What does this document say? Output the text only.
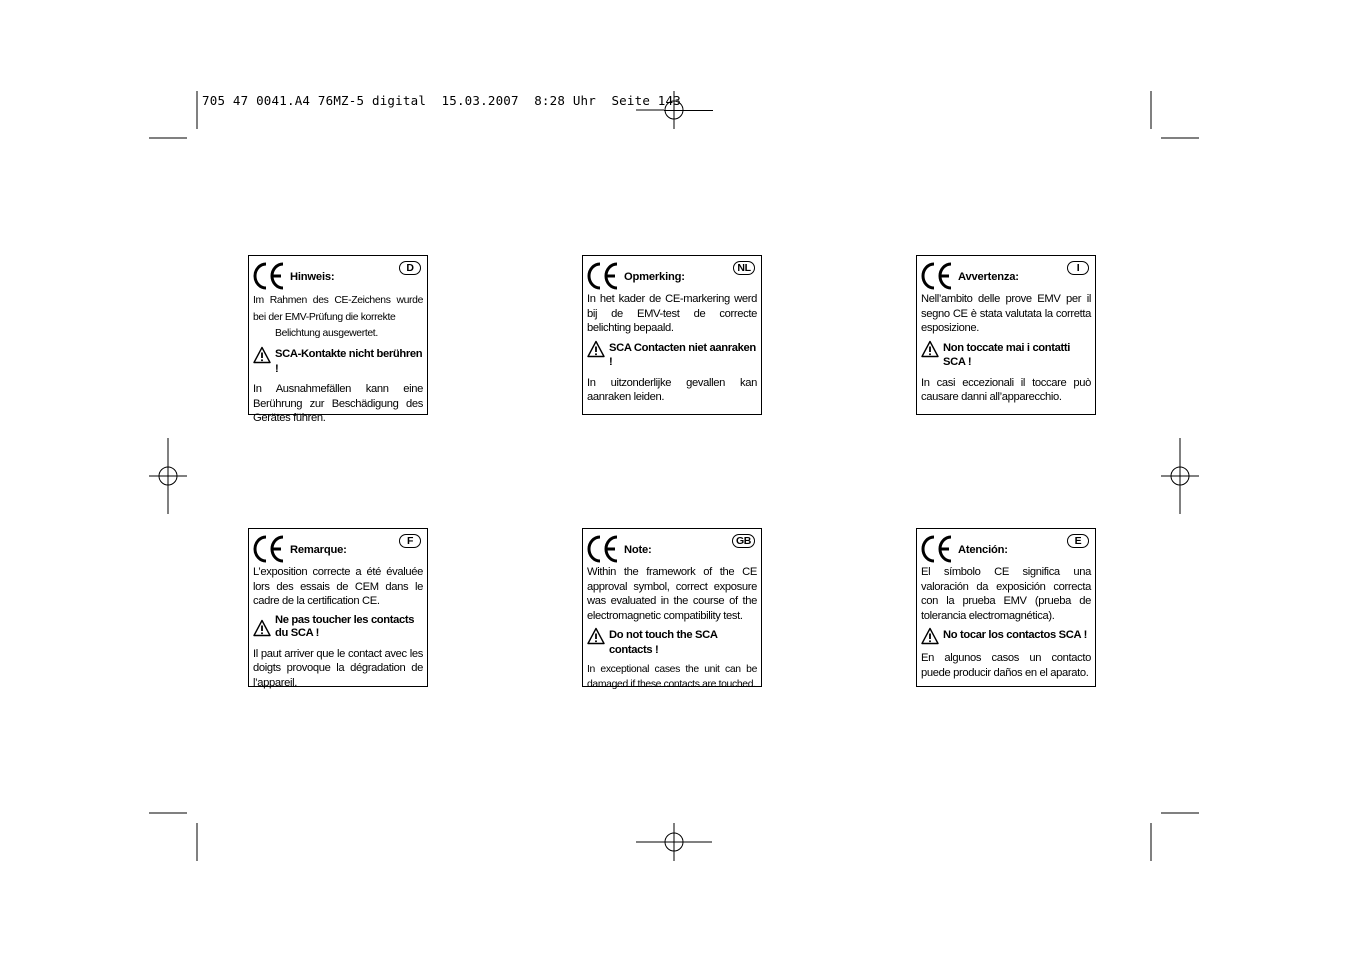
705 47 0041.A4 76MZ-5 digital  15.03.2007  8:28 Uhr  Seite 143
Hinweis:
D
Im Rahmen des CE-Zeichens wurde bei der EMV-Prüfung die korrekte
Belichtung ausgewertet.
SCA-Kontakte nicht berühren !
In Ausnahmefällen kann eine Berührung zur Beschädigung des Gerätes führen.
Opmerking:
NL
In het kader de CE-markering werd bij de EMV-test de correcte belichting bepaald.
SCA Contacten niet aanraken !
In uitzonderlijke gevallen kan aanraken leiden.
Avvertenza:
I
Nell’ambito delle prove EMV per il segno CE è stata valutata la corretta esposizione.
Non toccate mai i contatti SCA !
In casi eccezionali il toccare può causare danni all’apparecchio.
Remarque:
F
L’exposition correcte a été évaluée lors des essais de CEM dans le cadre de la certification CE.
Ne pas toucher les contacts du SCA !
Il paut arriver que le contact avec les doigts provoque la dégradation de l’appareil.
Note:
GB
Within the framework of the CE approval symbol, correct exposure was evaluated in the course of the electromagnetic compatibility test.
Do not touch the SCA contacts !
In exceptional cases the unit can be damaged if these contacts are touched.
Atención:
E
El símbolo CE significa una valoración da exposición correcta con la prueba EMV (prueba de tolerancia electromagnética).
No tocar los contactos SCA !
En algunos casos un contacto puede producir daños en el aparato.
